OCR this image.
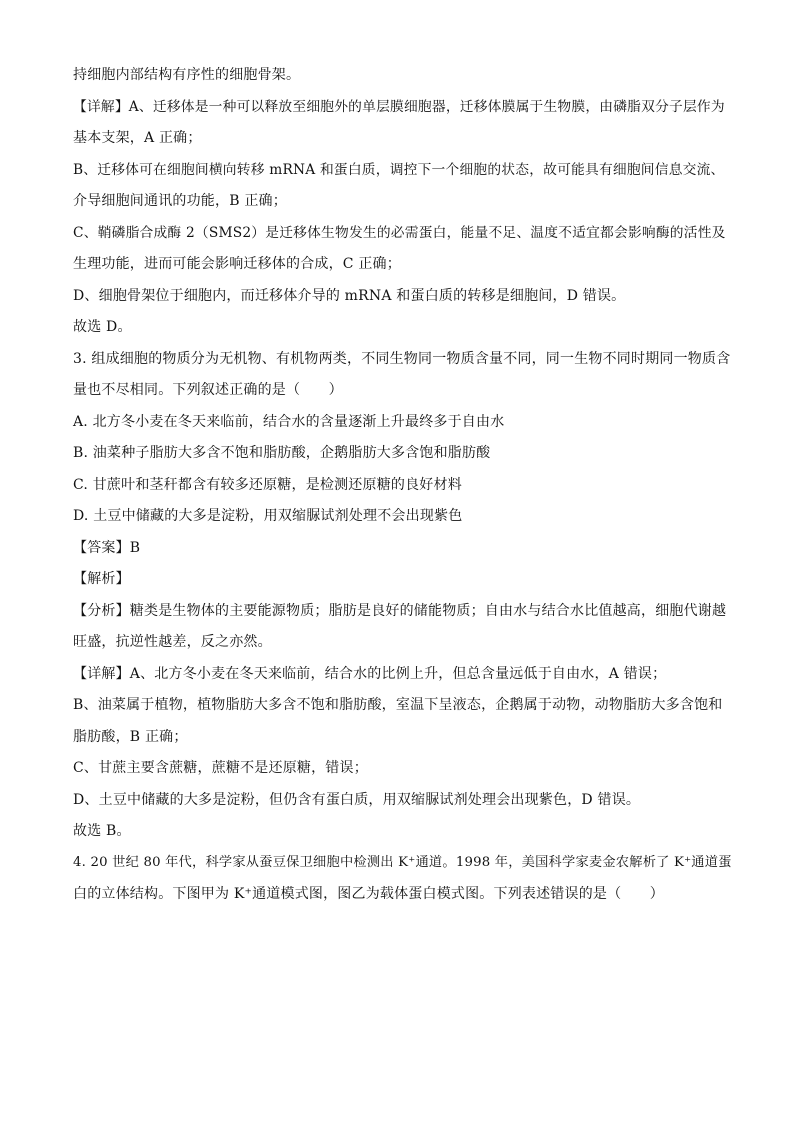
持细胞内部结构有序性的细胞骨架。
【详解】A、迁移体是一种可以释放至细胞外的单层膜细胞器，迁移体膜属于生物膜，由磷脂双分子层作为
基本支架，A 正确；
B、迁移体可在细胞间横向转移 mRNA 和蛋白质，调控下一个细胞的状态，故可能具有细胞间信息交流、
介导细胞间通讯的功能，B 正确；
C、鞘磷脂合成酶 2（SMS2）是迁移体生物发生的必需蛋白，能量不足、温度不适宜都会影响酶的活性及
生理功能，进而可能会影响迁移体的合成，C 正确；
D、细胞骨架位于细胞内，而迁移体介导的 mRNA 和蛋白质的转移是细胞间，D 错误。
故选 D。
3. 组成细胞的物质分为无机物、有机物两类，不同生物同一物质含量不同，同一生物不同时期同一物质含
量也不尽相同。下列叙述正确的是（　　）
A. 北方冬小麦在冬天来临前，结合水的含量逐渐上升最终多于自由水
B. 油菜种子脂肪大多含不饱和脂肪酸，企鹅脂肪大多含饱和脂肪酸
C. 甘蔗叶和茎秆都含有较多还原糖，是检测还原糖的良好材料
D. 土豆中储藏的大多是淀粉，用双缩脲试剂处理不会出现紫色
【答案】B
【解析】
【分析】糖类是生物体的主要能源物质；脂肪是良好的储能物质；自由水与结合水比值越高，细胞代谢越
旺盛，抗逆性越差，反之亦然。
【详解】A、北方冬小麦在冬天来临前，结合水的比例上升，但总含量远低于自由水，A 错误；
B、油菜属于植物，植物脂肪大多含不饱和脂肪酸，室温下呈液态，企鹅属于动物，动物脂肪大多含饱和
脂肪酸，B 正确；
C、甘蔗主要含蔗糖，蔗糖不是还原糖，错误；
D、土豆中储藏的大多是淀粉，但仍含有蛋白质，用双缩脲试剂处理会出现紫色，D 错误。
故选 B。
4. 20 世纪 80 年代，科学家从蚕豆保卫细胞中检测出 K⁺通道。1998 年，美国科学家麦金农解析了 K⁺通道蛋
白的立体结构。下图甲为 K⁺通道模式图，图乙为载体蛋白模式图。下列表述错误的是（　　）
